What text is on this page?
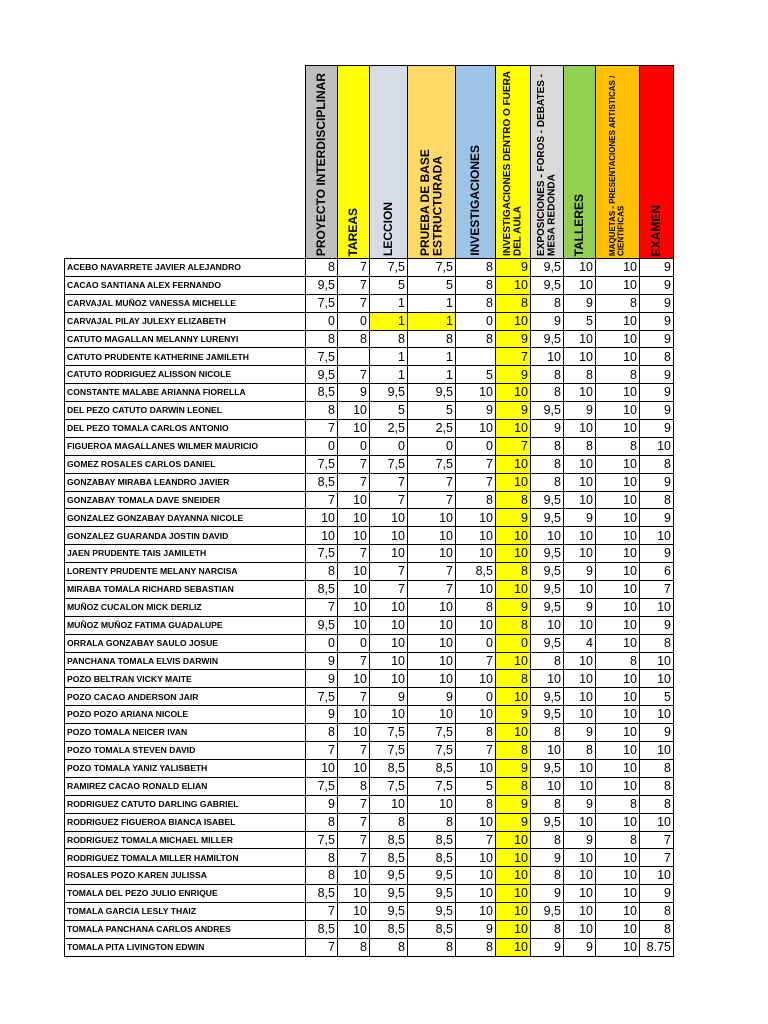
	PROYECTO INTERDISCIPLINAR	TAREAS	LECCION	PRUEBA DE BASE ESTRUCTURADA	INVESTIGACIONES	INVESTIGACIONES DENTRO O FUERA DEL AULA	EXPOSICIONES - FOROS - DEBATES - MESA REDONDA	TALLERES	MAQUETAS - PRESENTACIONES ARTISTICAS / CIENTIFICAS	EXAMEN

ACEBO NAVARRETE JAVIER ALEJANDRO	8	7	7,5	7,5	8	9	9,5	10	10	9
CACAO SANTIANA ALEX FERNANDO	9,5	7	5	5	8	10	9,5	10	10	9
CARVAJAL MUÑOZ VANESSA MICHELLE	7,5	7	1	1	8	8	8	9	8	9
CARVAJAL PILAY JULEXY ELIZABETH	0	0	1	1	0	10	9	5	10	9
CATUTO MAGALLAN MELANNY LURENYI	8	8	8	8	8	9	9,5	10	10	9
CATUTO PRUDENTE KATHERINE JAMILETH	7,5		1	1		7	10	10	10	8
CATUTO RODRIGUEZ ALISSON NICOLE	9,5	7	1	1	5	9	8	8	8	9
CONSTANTE MALABE ARIANNA FIORELLA	8,5	9	9,5	9,5	10	10	8	10	10	9
DEL PEZO CATUTO DARWIN LEONEL	8	10	5	5	9	9	9,5	9	10	9
DEL PEZO TOMALA CARLOS ANTONIO	7	10	2,5	2,5	10	10	9	10	10	9
FIGUEROA MAGALLANES WILMER MAURICIO	0	0	0	0	0	7	8	8	8	10
GOMEZ ROSALES CARLOS DANIEL	7,5	7	7,5	7,5	7	10	8	10	10	8
GONZABAY MIRABA LEANDRO JAVIER	8,5	7	7	7	7	10	8	10	10	9
GONZABAY TOMALA DAVE SNEIDER	7	10	7	7	8	8	9,5	10	10	8
GONZALEZ GONZABAY DAYANNA NICOLE	10	10	10	10	10	9	9,5	9	10	9
GONZALEZ GUARANDA JOSTIN DAVID	10	10	10	10	10	10	10	10	10	10
JAEN PRUDENTE TAIS JAMILETH	7,5	7	10	10	10	10	9,5	10	10	9
LORENTY PRUDENTE MELANY NARCISA	8	10	7	7	8,5	8	9,5	9	10	6
MIRABA TOMALA RICHARD SEBASTIAN	8,5	10	7	7	10	10	9,5	10	10	7
MUÑOZ CUCALON MICK DERLIZ	7	10	10	10	8	9	9,5	9	10	10
MUÑOZ MUÑOZ FATIMA GUADALUPE	9,5	10	10	10	10	8	10	10	10	9
ORRALA GONZABAY SAULO JOSUE	0	0	10	10	0	0	9,5	4	10	8
PANCHANA TOMALA ELVIS DARWIN	9	7	10	10	7	10	8	10	8	10
POZO BELTRAN VICKY MAITE	9	10	10	10	10	8	10	10	10	10
POZO CACAO ANDERSON JAIR	7,5	7	9	9	0	10	9,5	10	10	5
POZO POZO ARIANA NICOLE	9	10	10	10	10	9	9,5	10	10	10
POZO TOMALA NEICER IVAN	8	10	7,5	7,5	8	10	8	9	10	9
POZO TOMALA STEVEN DAVID	7	7	7,5	7,5	7	8	10	8	10	10
POZO TOMALA YANIZ YALISBETH	10	10	8,5	8,5	10	9	9,5	10	10	8
RAMIREZ CACAO RONALD ELIAN	7,5	8	7,5	7,5	5	8	10	10	10	8
RODRIGUEZ CATUTO DARLING GABRIEL	9	7	10	10	8	9	8	9	8	8
RODRIGUEZ FIGUEROA BIANCA ISABEL	8	7	8	8	10	9	9,5	10	10	10
RODRIGUEZ TOMALA MICHAEL MILLER	7,5	7	8,5	8,5	7	10	8	9	8	7
RODRIGUEZ TOMALA MILLER HAMILTON	8	7	8,5	8,5	10	10	9	10	10	7
ROSALES POZO KAREN JULISSA	8	10	9,5	9,5	10	10	8	10	10	10
TOMALA DEL PEZO JULIO ENRIQUE	8,5	10	9,5	9,5	10	10	9	10	10	9
TOMALA GARCIA LESLY THAIZ	7	10	9,5	9,5	10	10	9,5	10	10	8
TOMALA PANCHANA CARLOS ANDRES	8,5	10	8,5	8,5	9	10	8	10	10	8
TOMALA PITA LIVINGTON EDWIN	7	8	8	8	8	10	9	9	10	8.75
